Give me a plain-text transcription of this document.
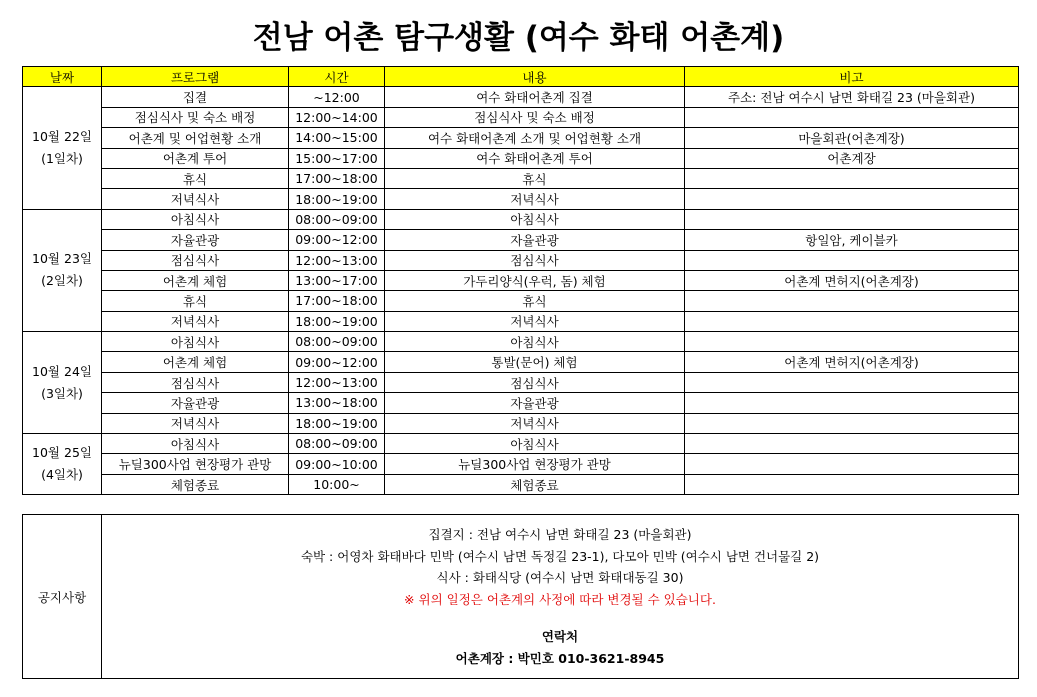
전남 어촌 탐구생활 (여수 화태 어촌계)
날짜	프로그램	시간	내용	비고

10월 22일
(1일차)	집결	~12:00	여수 화태어촌계 집결	주소: 전남 여수시 남면 화태길 23 (마을회관)
	점심식사 및 숙소 배정	12:00~14:00	점심식사 및 숙소 배정	
	어촌계 및 어업현황 소개	14:00~15:00	여수 화태어촌계 소개 및 어업현황 소개	마을회관(어촌계장)
	어촌계 투어	15:00~17:00	여수 화태어촌계 투어	어촌계장
	휴식	17:00~18:00	휴식	
	저녁식사	18:00~19:00	저녁식사	

10월 23일
(2일차)	아침식사	08:00~09:00	아침식사	
	자율관광	09:00~12:00	자율관광	항일암, 케이블카
	점심식사	12:00~13:00	점심식사	
	어촌계 체험	13:00~17:00	가두리양식(우럭, 돔) 체험	어촌계 면허지(어촌계장)
	휴식	17:00~18:00	휴식	
	저녁식사	18:00~19:00	저녁식사	

10월 24일
(3일차)	아침식사	08:00~09:00	아침식사	
	어촌계 체험	09:00~12:00	통발(문어) 체험	어촌계 면허지(어촌계장)
	점심식사	12:00~13:00	점심식사	
	자율관광	13:00~18:00	자율관광	
	저녁식사	18:00~19:00	저녁식사	

10월 25일
(4일차)	아침식사	08:00~09:00	아침식사	
	뉴딜300사업 현장평가 관망	09:00~10:00	뉴딜300사업 현장평가 관망	
	체험종료	10:00~	체험종료	
공지사항	
집결지 : 전남 여수시 남면 화태길 23 (마을회관)
숙박 : 어영차 화태바다 민박 (여수시 남면 독정길 23-1), 다모아 민박 (여수시 남면 건너물길 2)
식사 : 화태식당 (여수시 남면 화태대동길 30)
※ 위의 일정은 어촌계의 사정에 따라 변경될 수 있습니다.
연락처
어촌계장 : 박민호 010-3621-8945
